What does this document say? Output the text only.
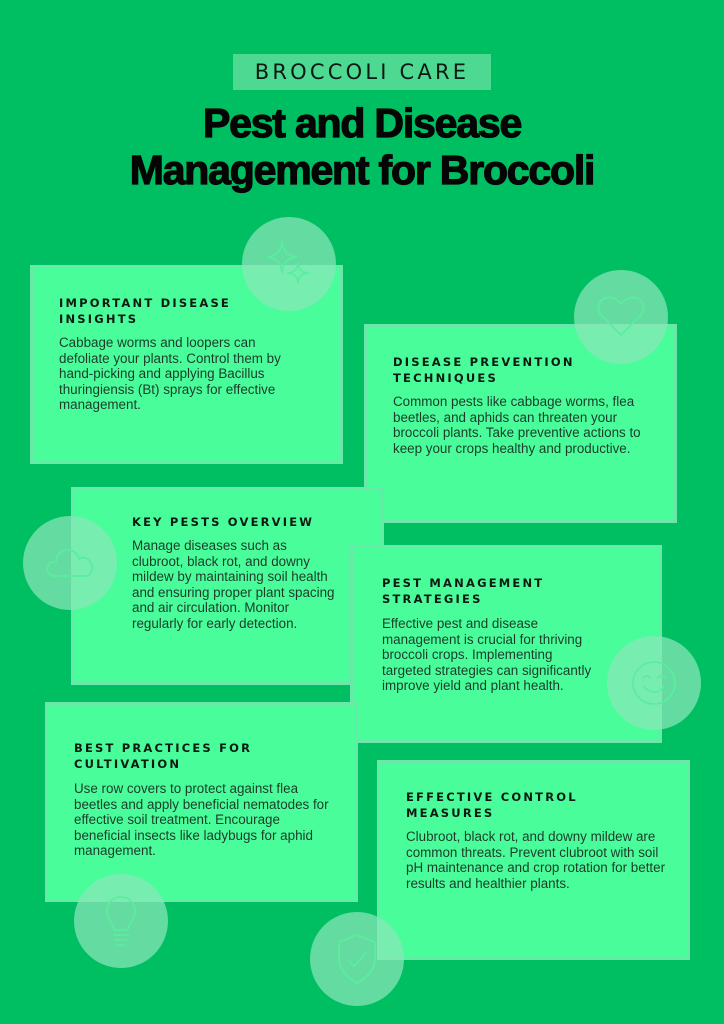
BROCCOLI CARE
Pest and Disease
Management for Broccoli
IMPORTANT DISEASE
INSIGHTS
Cabbage worms and loopers can defoliate your plants. Control them by hand-picking and applying Bacillus thuringiensis (Bt) sprays for effective management.
DISEASE PREVENTION
TECHNIQUES
Common pests like cabbage worms, flea beetles, and aphids can threaten your broccoli plants. Take preventive actions to keep your crops healthy and productive.
KEY PESTS OVERVIEW
Manage diseases such as clubroot, black rot, and downy mildew by maintaining soil health and ensuring proper plant spacing and air circulation. Monitor regularly for early detection.
PEST MANAGEMENT
STRATEGIES
Effective pest and disease management is crucial for thriving broccoli crops. Implementing targeted strategies can significantly improve yield and plant health.
BEST PRACTICES FOR
CULTIVATION
Use row covers to protect against flea beetles and apply beneficial nematodes for effective soil treatment. Encourage beneficial insects like ladybugs for aphid management.
EFFECTIVE CONTROL
MEASURES
Clubroot, black rot, and downy mildew are common threats. Prevent clubroot with soil pH maintenance and crop rotation for better results and healthier plants.
